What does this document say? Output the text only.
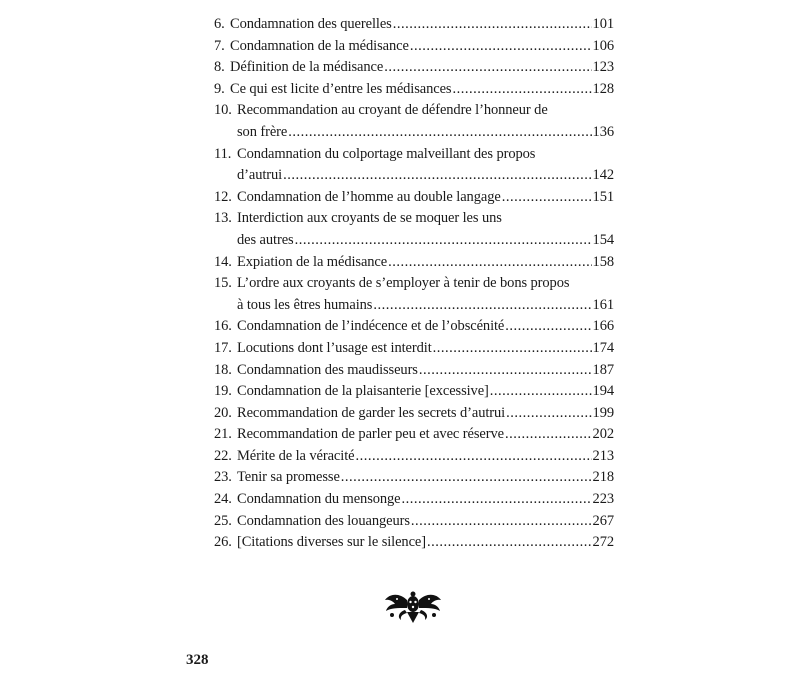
6. Condamnation des querelles .....	101
7. Condamnation de la médisance .....	106
8. Définition de la médisance .....	123
9. Ce qui est licite d’entre les médisances .....	128
10. Recommandation au croyant de défendre l’honneur de
son frère .....	136
11. Condamnation du colportage malveillant des propos
d’autrui .....	142
12. Condamnation de l’homme au double langage .....	151
13. Interdiction aux croyants de se moquer les uns
des autres .....	154
14. Expiation de la médisance .....	158
15. L’ordre aux croyants de s’employer à tenir de bons propos
à tous les êtres humains .....	161
16. Condamnation de l’indécence et de l’obscénité .....	166
17. Locutions dont l’usage est interdit .....	174
18. Condamnation des maudisseurs .....	187
19. Condamnation de la plaisanterie [excessive] .....	194
20. Recommandation de garder les secrets d’autrui .....	199
21. Recommandation de parler peu et avec réserve .....	202
22. Mérite de la véracité .....	213
23. Tenir sa promesse .....	218
24. Condamnation du mensonge .....	223
25. Condamnation des louangeurs .....	267
26. [Citations diverses sur le silence] .....	272
328
